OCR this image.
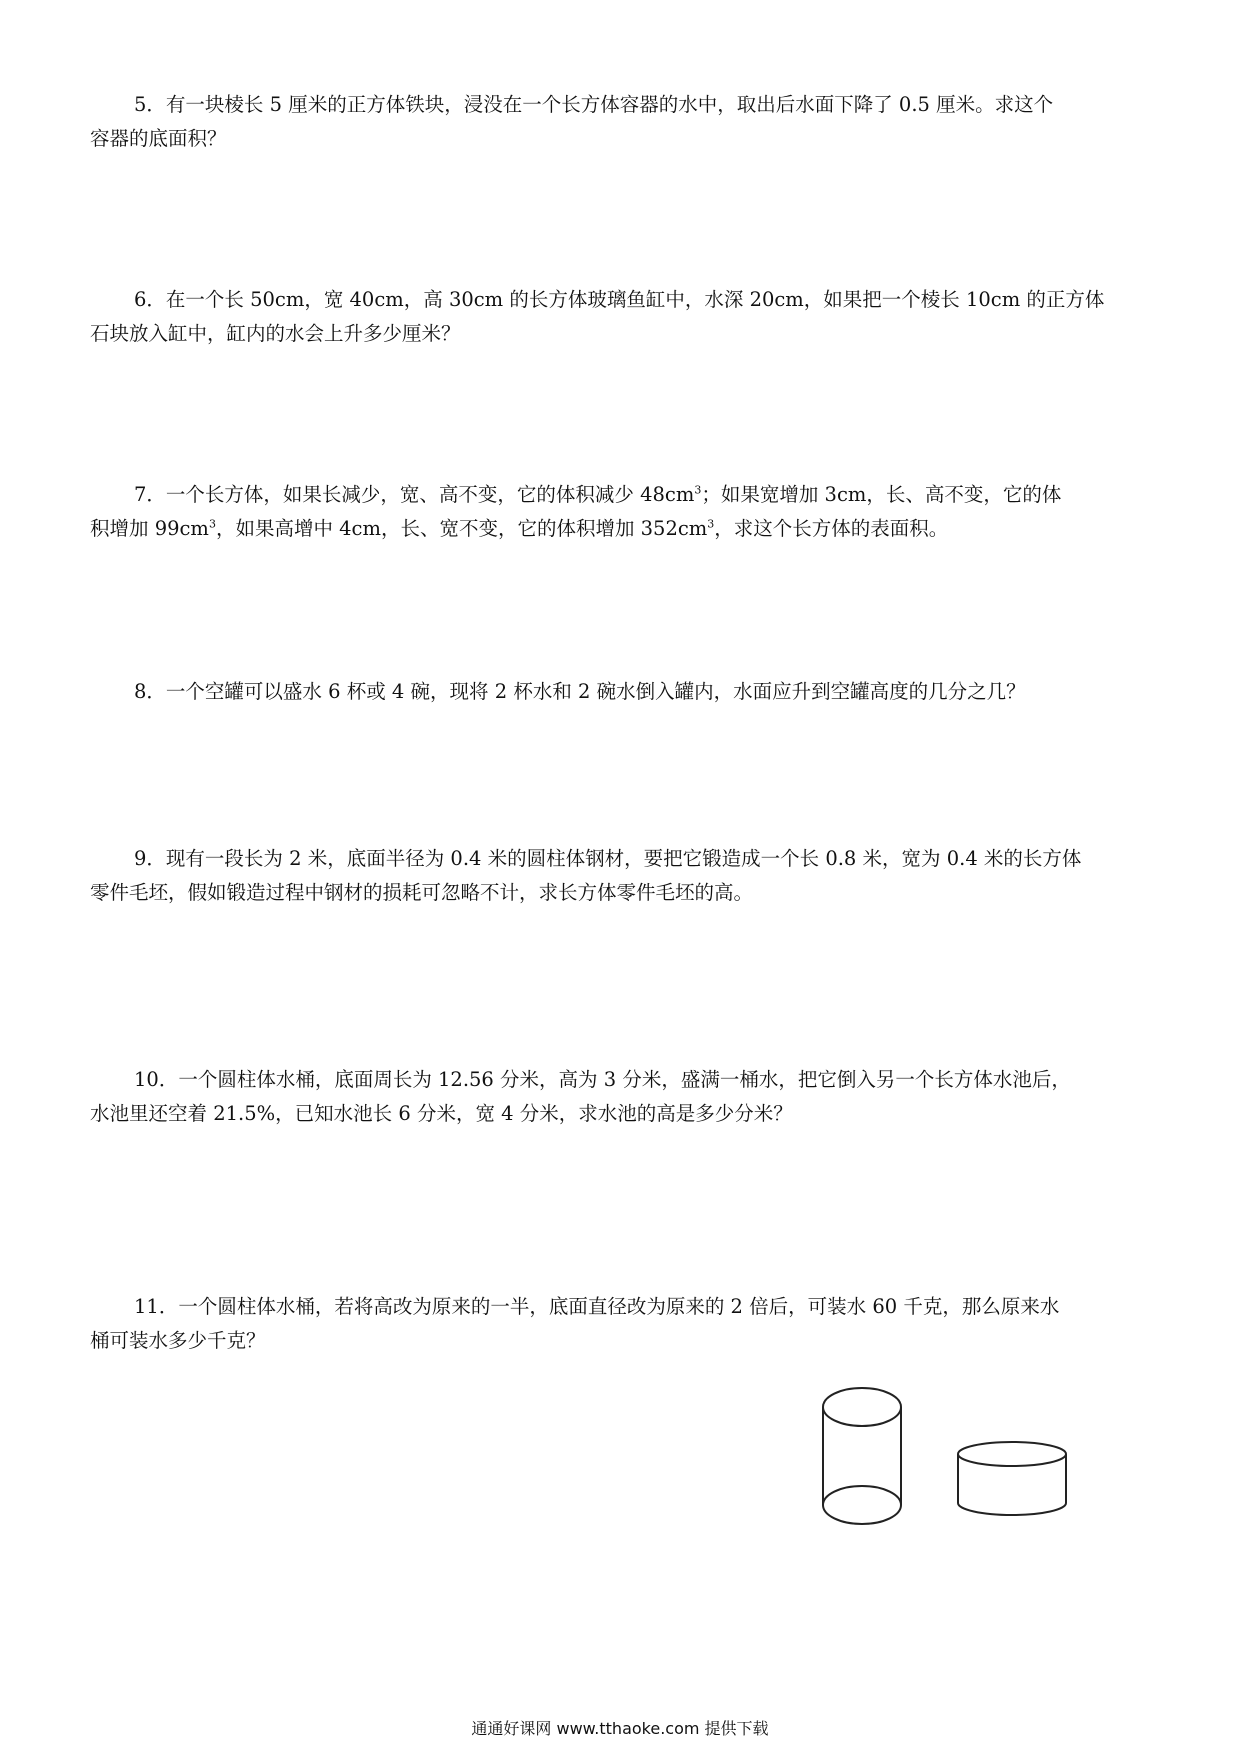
5．有一块棱长 5 厘米的正方体铁块，浸没在一个长方体容器的水中，取出后水面下降了 0.5 厘米。求这个
容器的底面积？
6．在一个长 50cm，宽 40cm，高 30cm 的长方体玻璃鱼缸中，水深 20cm，如果把一个棱长 10cm 的正方体
石块放入缸中，缸内的水会上升多少厘米？
7．一个长方体，如果长减少，宽、高不变，它的体积减少 $48cm^3$；如果宽增加 3cm，长、高不变，它的体
积增加 $99cm^3$，如果高增中 4cm，长、宽不变，它的体积增加 $352cm^3$，求这个长方体的表面积。
8．一个空罐可以盛水 6 杯或 4 碗，现将 2 杯水和 2 碗水倒入罐内，水面应升到空罐高度的几分之几？
9．现有一段长为 2 米，底面半径为 0.4 米的圆柱体钢材，要把它锻造成一个长 0.8 米，宽为 0.4 米的长方体
零件毛坯，假如锻造过程中钢材的损耗可忽略不计，求长方体零件毛坯的高。
10．一个圆柱体水桶，底面周长为 12.56 分米，高为 3 分米，盛满一桶水，把它倒入另一个长方体水池后，
水池里还空着 21.5%，已知水池长 6 分米，宽 4 分米，求水池的高是多少分米？
11．一个圆柱体水桶，若将高改为原来的一半，底面直径改为原来的 2 倍后，可装水 60 千克，那么原来水
桶可装水多少千克？
通通好课网 www.tthaoke.com 提供下载
